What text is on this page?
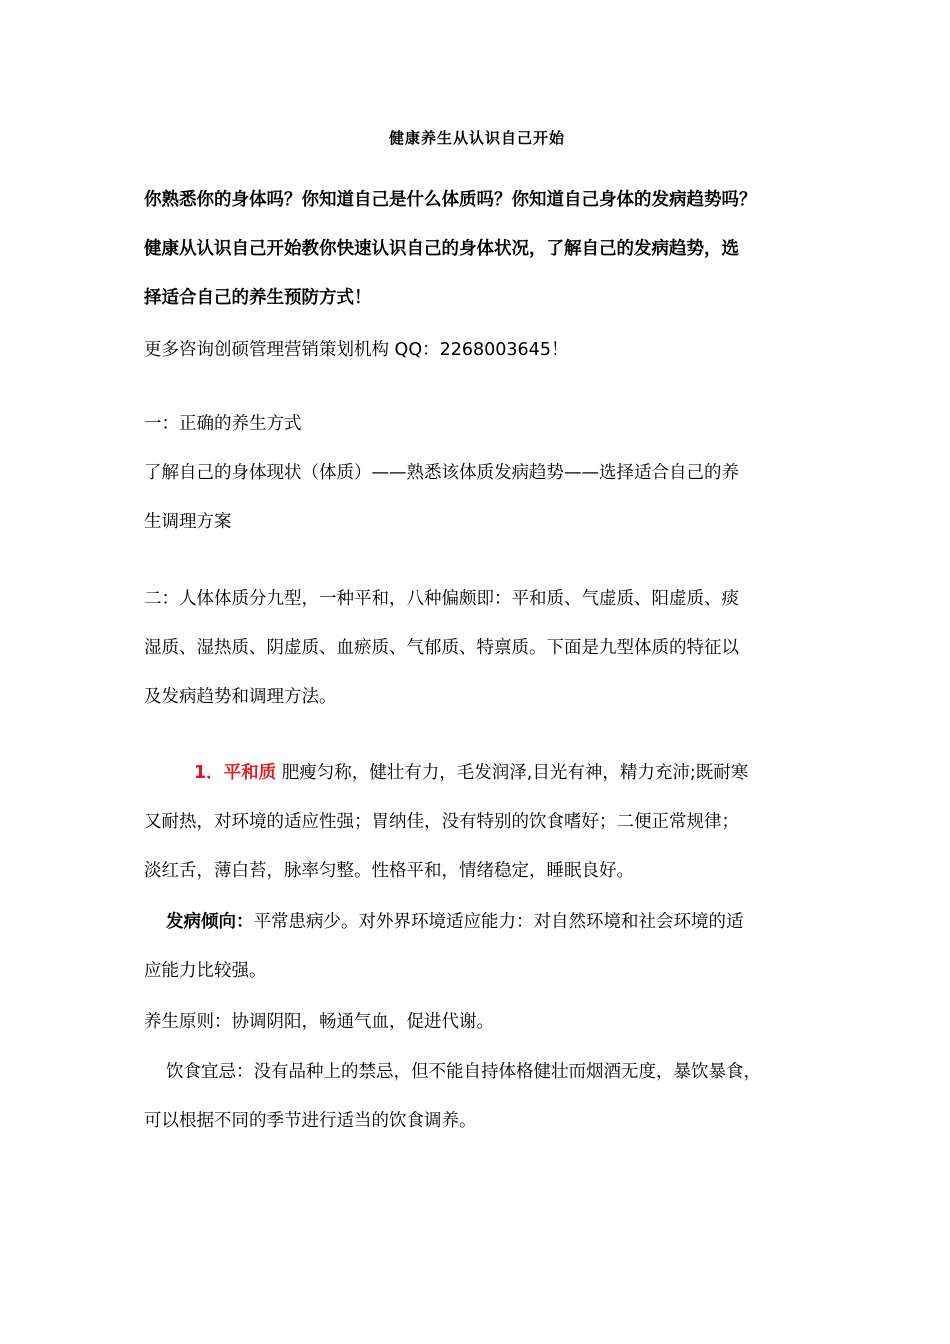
健康养生从认识自己开始
你熟悉你的身体吗？你知道自己是什么体质吗？你知道自己身体的发病趋势吗？
健康从认识自己开始教你快速认识自己的身体状况，了解自己的发病趋势，选
择适合自己的养生预防方式！
更多咨询创硕管理营销策划机构 QQ：2268003645！
一：正确的养生方式
了解自己的身体现状（体质）——熟悉该体质发病趋势——选择适合自己的养
生调理方案
二：人体体质分九型，一种平和，八种偏颇即：平和质、气虚质、阳虚质、痰
湿质、湿热质、阴虚质、血瘀质、气郁质、特禀质。下面是九型体质的特征以
及发病趋势和调理方法。
1．平和质 肥瘦匀称，健壮有力，毛发润泽,目光有神，精力充沛;既耐寒
又耐热，对环境的适应性强；胃纳佳，没有特别的饮食嗜好；二便正常规律；
淡红舌，薄白苔，脉率匀整。性格平和，情绪稳定，睡眠良好。
发病倾向：平常患病少。对外界环境适应能力：对自然环境和社会环境的适
应能力比较强。
养生原则：协调阴阳，畅通气血，促进代谢。
饮食宜忌：没有品种上的禁忌，但不能自持体格健壮而烟酒无度，暴饮暴食，
可以根据不同的季节进行适当的饮食调养。
